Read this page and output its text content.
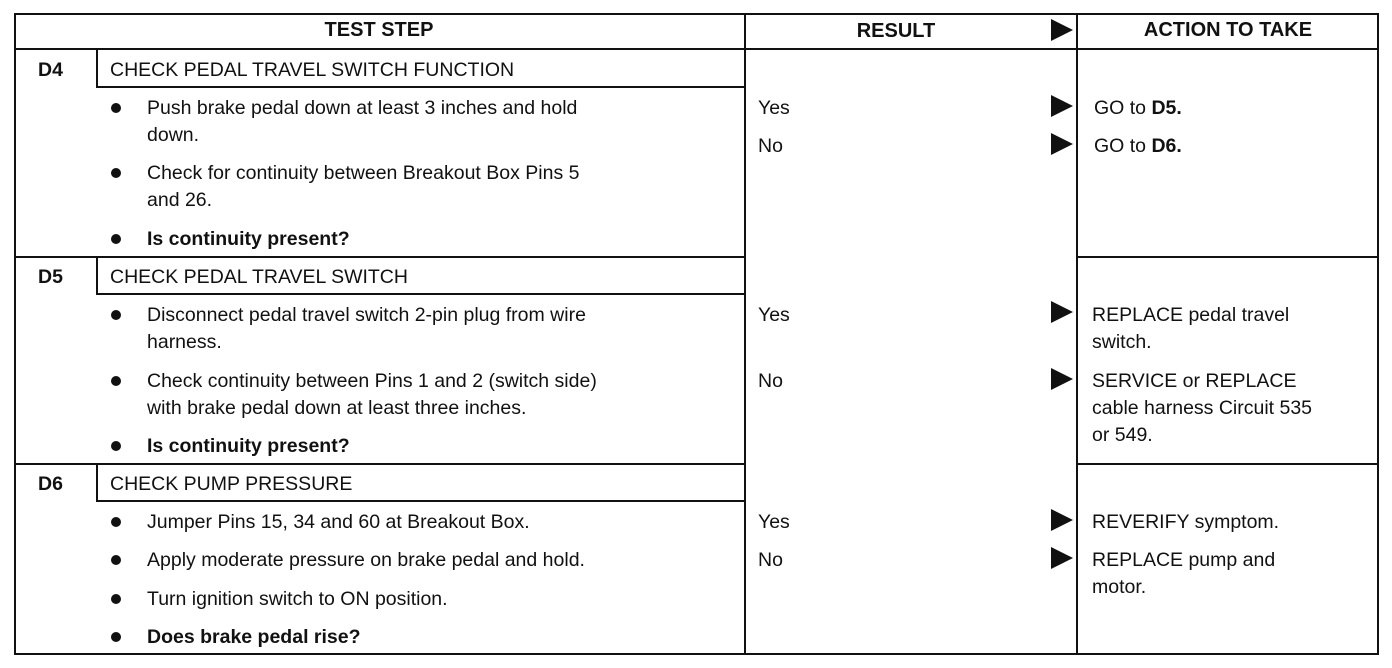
TEST STEP	RESULT	ACTION TO TAKE
D4 CHECK PEDAL TRAVEL SWITCH FUNCTION
Push brake pedal down at least 3 inches and hold
down.
Check for continuity between Breakout Box Pins 5
and 26.
Is continuity present?
Yes
No
GO to D5.
GO to D6.
D5 CHECK PEDAL TRAVEL SWITCH
Disconnect pedal travel switch 2-pin plug from wire
harness.
Check continuity between Pins 1 and 2 (switch side)
with brake pedal down at least three inches.
Is continuity present?
Yes
No
REPLACE pedal travel
switch.
SERVICE or REPLACE
cable harness Circuit 535
or 549.
D6 CHECK PUMP PRESSURE
Jumper Pins 15, 34 and 60 at Breakout Box.
Apply moderate pressure on brake pedal and hold.
Turn ignition switch to ON position.
Does brake pedal rise?
Yes
No
REVERIFY symptom.
REPLACE pump and
motor.
